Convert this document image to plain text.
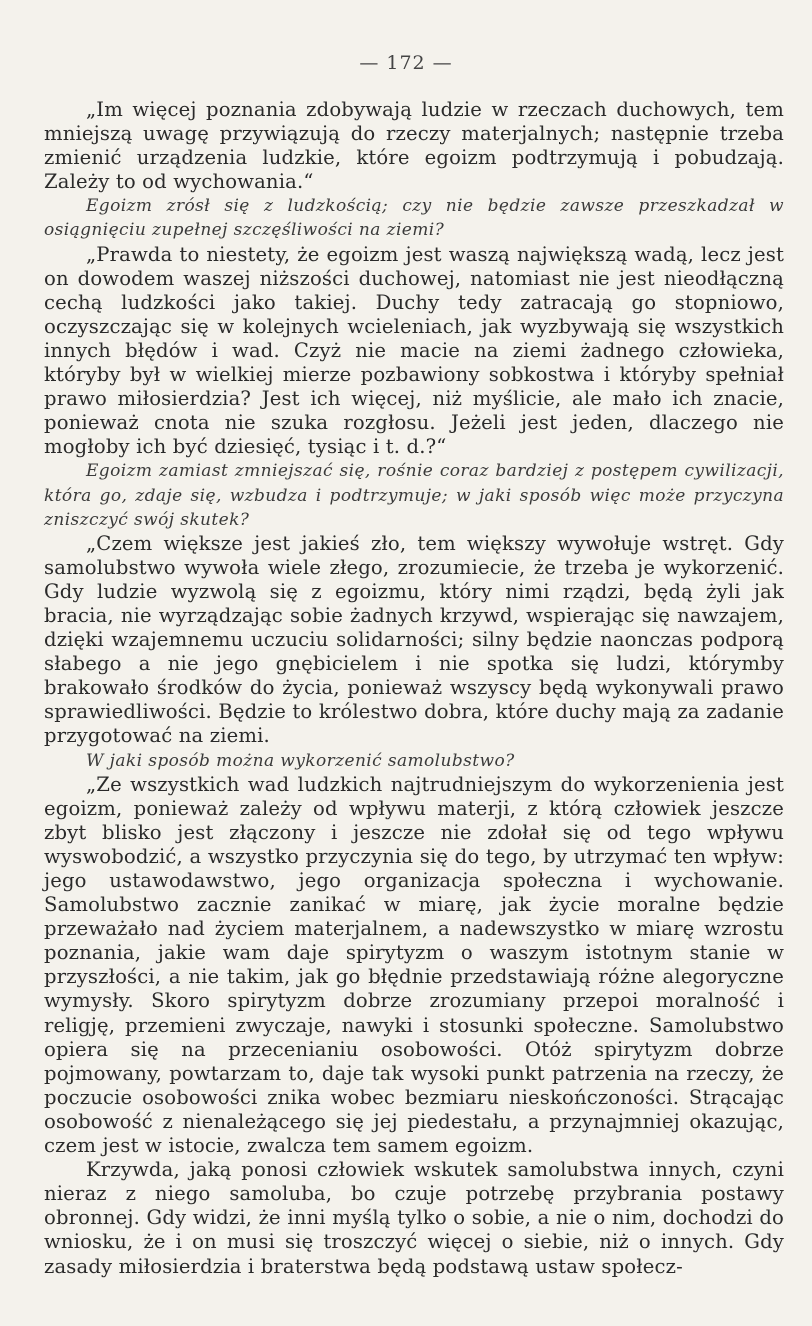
— 172 —

„Im więcej poznania zdobywają ludzie w rzeczach duchowych, tem mniejszą uwagę przywiązują do rzeczy materjalnych; następnie trzeba zmienić urządzenia ludzkie, które egoizm podtrzymują i pobudzają. Zależy to od wychowania.“

Egoizm zrósł się z ludzkością; czy nie będzie zawsze przeszkadzał w osiągnięciu zupełnej szczęśliwości na ziemi?

„Prawda to niestety, że egoizm jest waszą największą wadą, lecz jest on dowodem waszej niższości duchowej, natomiast nie jest nieodłączną cechą ludzkości jako takiej. Duchy tedy zatracają go stopniowo, oczyszczając się w kolejnych wcieleniach, jak wyzbywają się wszystkich innych błędów i wad. Czyż nie macie na ziemi żadnego człowieka, któryby był w wielkiej mierze pozbawiony sobkostwa i któryby spełniał prawo miłosierdzia? Jest ich więcej, niż myślicie, ale mało ich znacie, ponieważ cnota nie szuka rozgłosu. Jeżeli jest jeden, dlaczego nie mogłoby ich być dziesięć, tysiąc i t. d.?“

Egoizm zamiast zmniejszać się, rośnie coraz bardziej z postępem cywilizacji, która go, zdaje się, wzbudza i podtrzymuje; w jaki sposób więc może przyczyna zniszczyć swój skutek?

„Czem większe jest jakieś zło, tem większy wywołuje wstręt. Gdy samolubstwo wywoła wiele złego, zrozumiecie, że trzeba je wykorzenić. Gdy ludzie wyzwolą się z egoizmu, który nimi rządzi, będą żyli jak bracia, nie wyrządzając sobie żadnych krzywd, wspierając się nawzajem, dzięki wzajemnemu uczuciu solidarności; silny będzie naonczas podporą słabego a nie jego gnębicielem i nie spotka się ludzi, którymby brakowało środków do życia, ponieważ wszyscy będą wykonywali prawo sprawiedliwości. Będzie to królestwo dobra, które duchy mają za zadanie przygotować na ziemi.

W jaki sposób można wykorzenić samolubstwo?

„Ze wszystkich wad ludzkich najtrudniejszym do wykorzenienia jest egoizm, ponieważ zależy od wpływu materji, z którą człowiek jeszcze zbyt blisko jest złączony i jeszcze nie zdołał się od tego wpływu wyswobodzić, a wszystko przyczynia się do tego, by utrzymać ten wpływ: jego ustawodawstwo, jego organizacja społeczna i wychowanie. Samolubstwo zacznie zanikać w miarę, jak życie moralne będzie przeważało nad życiem materjalnem, a nadewszystko w miarę wzrostu poznania, jakie wam daje spirytyzm o waszym istotnym stanie w przyszłości, a nie takim, jak go błędnie przedstawiają różne alegoryczne wymysły. Skoro spirytyzm dobrze zrozumiany przepoi moralność i religję, przemieni zwyczaje, nawyki i stosunki społeczne. Samolubstwo opiera się na przecenianiu osobowości. Otóż spirytyzm dobrze pojmowany, powtarzam to, daje tak wysoki punkt patrzenia na rzeczy, że poczucie osobowości znika wobec bezmiaru nieskończoności. Strącając osobowość z nienależącego się jej piedestału, a przynajmniej okazując, czem jest w istocie, zwalcza tem samem egoizm.

Krzywda, jaką ponosi człowiek wskutek samolubstwa innych, czyni nieraz z niego samoluba, bo czuje potrzebę przybrania postawy obronnej. Gdy widzi, że inni myślą tylko o sobie, a nie o nim, dochodzi do wniosku, że i on musi się troszczyć więcej o siebie, niż o innych. Gdy zasady miłosierdzia i braterstwa będą podstawą ustaw społecz-
